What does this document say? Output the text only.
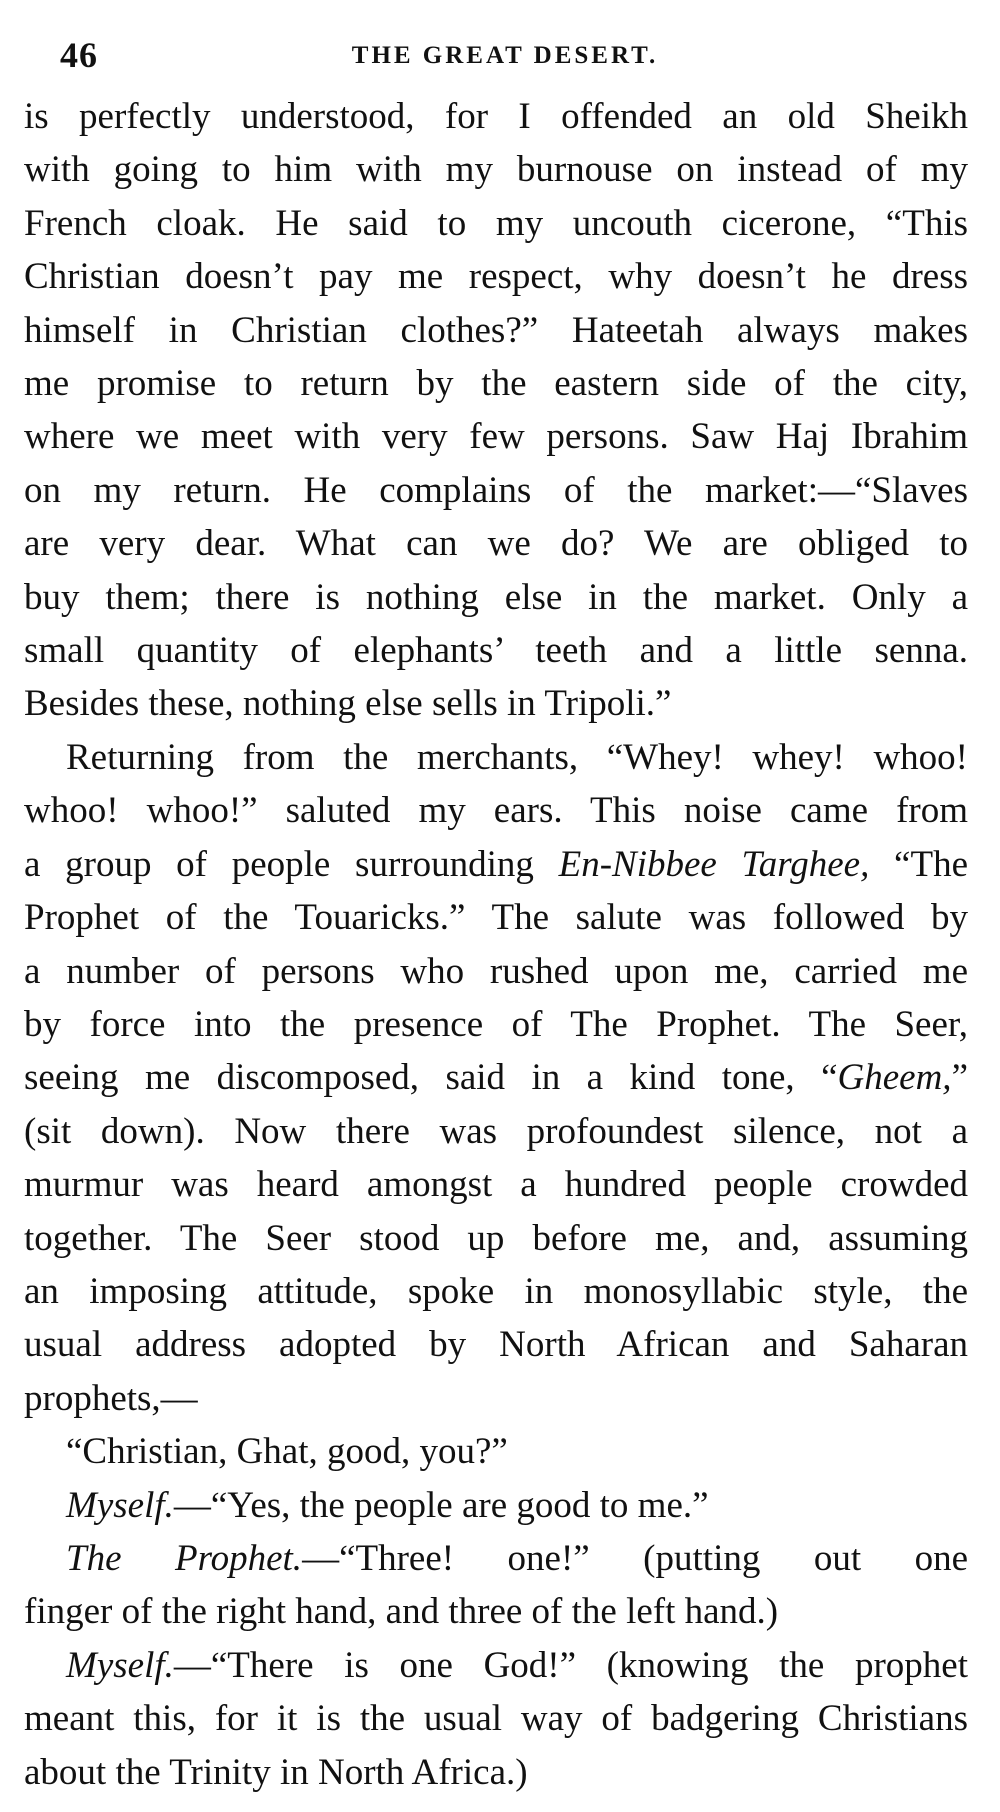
46	THE GREAT DESERT.

is perfectly understood, for I offended an old Sheikh
with going to him with my burnouse on instead of my
French cloak. He said to my uncouth cicerone, “This
Christian doesn’t pay me respect, why doesn’t he dress
himself in Christian clothes?” Hateetah always makes
me promise to return by the eastern side of the city,
where we meet with very few persons. Saw Haj Ibrahim
on my return. He complains of the market:—“Slaves
are very dear. What can we do? We are obliged to
buy them; there is nothing else in the market. Only a
small quantity of elephants’ teeth and a little senna.
Besides these, nothing else sells in Tripoli.”

Returning from the merchants, “Whey! whey! whoo!
whoo! whoo!” saluted my ears. This noise came from
a group of people surrounding En-Nibbee Targhee, “The
Prophet of the Touaricks.” The salute was followed by
a number of persons who rushed upon me, carried me
by force into the presence of The Prophet. The Seer,
seeing me discomposed, said in a kind tone, “Gheem,”
(sit down). Now there was profoundest silence, not a
murmur was heard amongst a hundred people crowded
together. The Seer stood up before me, and, assuming
an imposing attitude, spoke in monosyllabic style, the
usual address adopted by North African and Saharan
prophets,—

“Christian, Ghat, good, you?”
Myself.—“Yes, the people are good to me.”
The Prophet.—“Three! one!” (putting out one
finger of the right hand, and three of the left hand.)
Myself.—“There is one God!” (knowing the prophet
meant this, for it is the usual way of badgering Christians
about the Trinity in North Africa.)
